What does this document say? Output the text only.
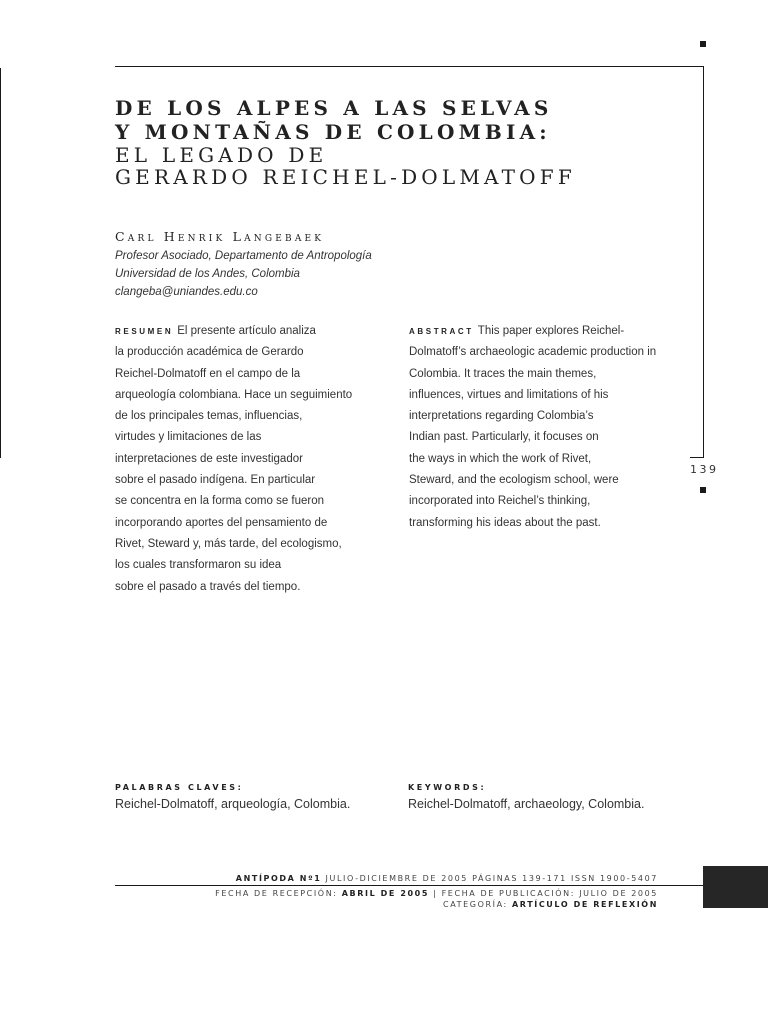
DE LOS ALPES A LAS SELVAS
Y MONTAÑAS DE COLOMBIA:
EL LEGADO DE
GERARDO REICHEL-DOLMATOFF
Carl Henrik Langebaek
Profesor Asociado, Departamento de Antropología
Universidad de los Andes, Colombia
clangeba@uniandes.edu.co
RESUMEN El presente artículo analiza
la producción académica de Gerardo
Reichel-Dolmatoff en el campo de la
arqueología colombiana. Hace un seguimiento
de los principales temas, influencias,
virtudes y limitaciones de las
interpretaciones de este investigador
sobre el pasado indígena. En particular
se concentra en la forma como se fueron
incorporando aportes del pensamiento de
Rivet, Steward y, más tarde, del ecologismo,
los cuales transformaron su idea
sobre el pasado a través del tiempo.
ABSTRACT This paper explores Reichel-
Dolmatoff’s archaeologic academic production in
Colombia. It traces the main themes,
influences, virtues and limitations of his
interpretations regarding Colombia’s
Indian past. Particularly, it focuses on
the ways in which the work of Rivet,
Steward, and the ecologism school, were
incorporated into Reichel’s thinking,
transforming his ideas about the past.
139
PALABRAS CLAVES:
Reichel-Dolmatoff, arqueología, Colombia.
KEYWORDS:
Reichel-Dolmatoff, archaeology, Colombia.
ANTÍPODA Nº1 JULIO-DICIEMBRE DE 2005 PÁGINAS 139-171 ISSN 1900-5407
FECHA DE RECEPCIÓN: ABRIL DE 2005 | FECHA DE PUBLICACIÓN: JULIO DE 2005
CATEGORÍA: ARTÍCULO DE REFLEXIÓN
